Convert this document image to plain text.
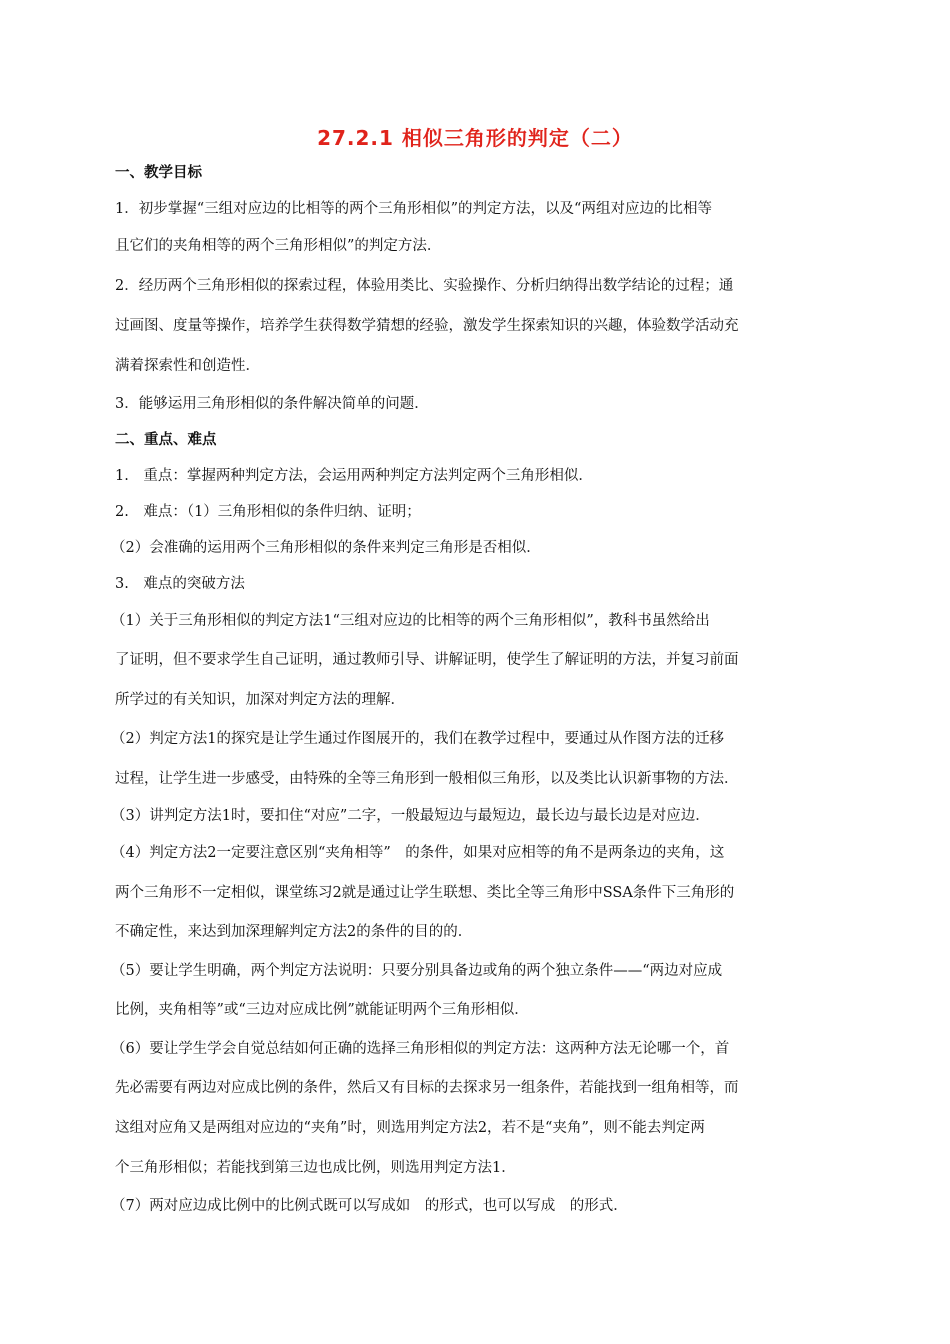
27.2.1 相似三角形的判定（二）
一、教学目标
1．初步掌握“三组对应边的比相等的两个三角形相似”的判定方法，以及“两组对应边的比相等
且它们的夹角相等的两个三角形相似”的判定方法．
2．经历两个三角形相似的探索过程，体验用类比、实验操作、分析归纳得出数学结论的过程；通
过画图、度量等操作，培养学生获得数学猜想的经验，激发学生探索知识的兴趣，体验数学活动充
满着探索性和创造性．
3．能够运用三角形相似的条件解决简单的问题．
二、重点、难点
1.　重点：掌握两种判定方法，会运用两种判定方法判定两个三角形相似．
2.　难点：（1）三角形相似的条件归纳、证明；
（2）会准确的运用两个三角形相似的条件来判定三角形是否相似．
3.　难点的突破方法
（1）关于三角形相似的判定方法1“三组对应边的比相等的两个三角形相似”，教科书虽然给出
了证明，但不要求学生自己证明，通过教师引导、讲解证明，使学生了解证明的方法，并复习前面
所学过的有关知识，加深对判定方法的理解．
（2）判定方法1的探究是让学生通过作图展开的，我们在教学过程中，要通过从作图方法的迁移
过程，让学生进一步感受，由特殊的全等三角形到一般相似三角形，以及类比认识新事物的方法．
（3）讲判定方法1时，要扣住“对应”二字，一般最短边与最短边，最长边与最长边是对应边．
（4）判定方法2一定要注意区别“夹角相等”　的条件，如果对应相等的角不是两条边的夹角，这
两个三角形不一定相似，课堂练习2就是通过让学生联想、类比全等三角形中SSA条件下三角形的
不确定性，来达到加深理解判定方法2的条件的目的的．
（5）要让学生明确，两个判定方法说明：只要分别具备边或角的两个独立条件——“两边对应成
比例，夹角相等”或“三边对应成比例”就能证明两个三角形相似．
（6）要让学生学会自觉总结如何正确的选择三角形相似的判定方法：这两种方法无论哪一个，首
先必需要有两边对应成比例的条件，然后又有目标的去探求另一组条件，若能找到一组角相等，而
这组对应角又是两组对应边的“夹角”时，则选用判定方法2，若不是“夹角”，则不能去判定两
个三角形相似；若能找到第三边也成比例，则选用判定方法1．
（7）两对应边成比例中的比例式既可以写成如　的形式，也可以写成　的形式．
